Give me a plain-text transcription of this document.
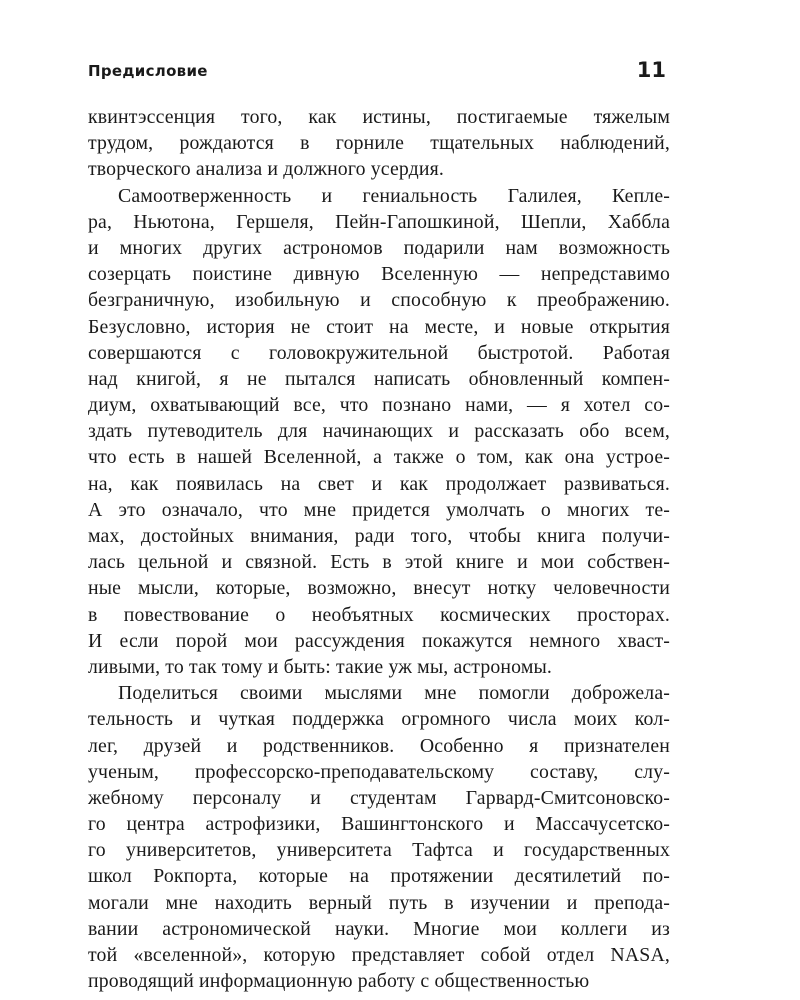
Предисловие	11
квинтэссенция того, как истины, постигаемые тяжелым
трудом, рождаются в горниле тщательных наблюдений,
творческого анализа и должного усердия.
Самоотверженность и гениальность Галилея, Кепле-
ра, Ньютона, Гершеля, Пейн-Гапошкиной, Шепли, Хаббла
и многих других астрономов подарили нам возможность
созерцать поистине дивную Вселенную — непредставимо
безграничную, изобильную и способную к преображению.
Безусловно, история не стоит на месте, и новые открытия
совершаются с головокружительной быстротой. Работая
над книгой, я не пытался написать обновленный компен-
диум, охватывающий все, что познано нами, — я хотел со-
здать путеводитель для начинающих и рассказать обо всем,
что есть в нашей Вселенной, а также о том, как она устрое-
на, как появилась на свет и как продолжает развиваться.
А это означало, что мне придется умолчать о многих те-
мах, достойных внимания, ради того, чтобы книга получи-
лась цельной и связной. Есть в этой книге и мои собствен-
ные мысли, которые, возможно, внесут нотку человечности
в повествование о необъятных космических просторах.
И если порой мои рассуждения покажутся немного хваст-
ливыми, то так тому и быть: такие уж мы, астрономы.
Поделиться своими мыслями мне помогли доброжела-
тельность и чуткая поддержка огромного числа моих кол-
лег, друзей и родственников. Особенно я признателен
ученым, профессорско-преподавательскому составу, слу-
жебному персоналу и студентам Гарвард-Смитсоновско-
го центра астрофизики, Вашингтонского и Массачусетско-
го университетов, университета Тафтса и государственных
школ Рокпорта, которые на протяжении десятилетий по-
могали мне находить верный путь в изучении и препода-
вании астрономической науки. Многие мои коллеги из
той «вселенной», которую представляет собой отдел NASA,
проводящий информационную работу с общественностью
